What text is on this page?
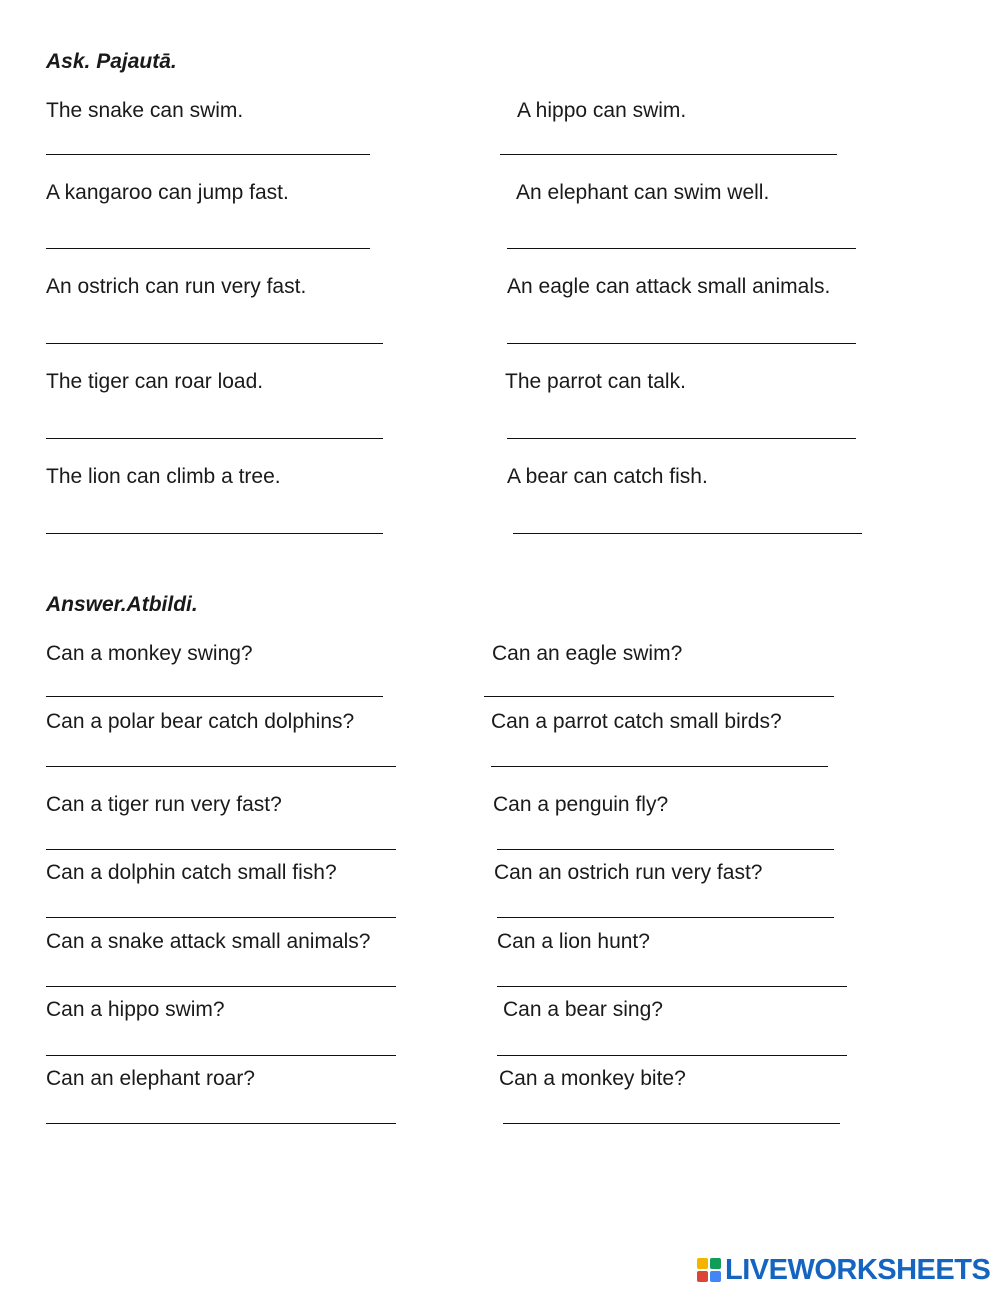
Ask. Pajautā.
The snake can swim.
A kangaroo can jump fast.
An ostrich can run very fast.
The tiger can roar load.
The lion can climb a tree.
A hippo can swim.
An elephant can swim well.
An eagle can attack small animals.
The parrot can talk.
A bear can catch fish.
Answer.Atbildi.
Can a monkey swing?
Can a polar bear catch dolphins?
Can a tiger run very fast?
Can a dolphin catch small fish?
Can a snake attack small animals?
Can a hippo swim?
Can an elephant roar?
Can an eagle swim?
Can a parrot catch small birds?
Can a penguin fly?
Can an ostrich run very fast?
Can a lion hunt?
Can a bear sing?
Can a monkey bite?
LIVEWORKSHEETS
